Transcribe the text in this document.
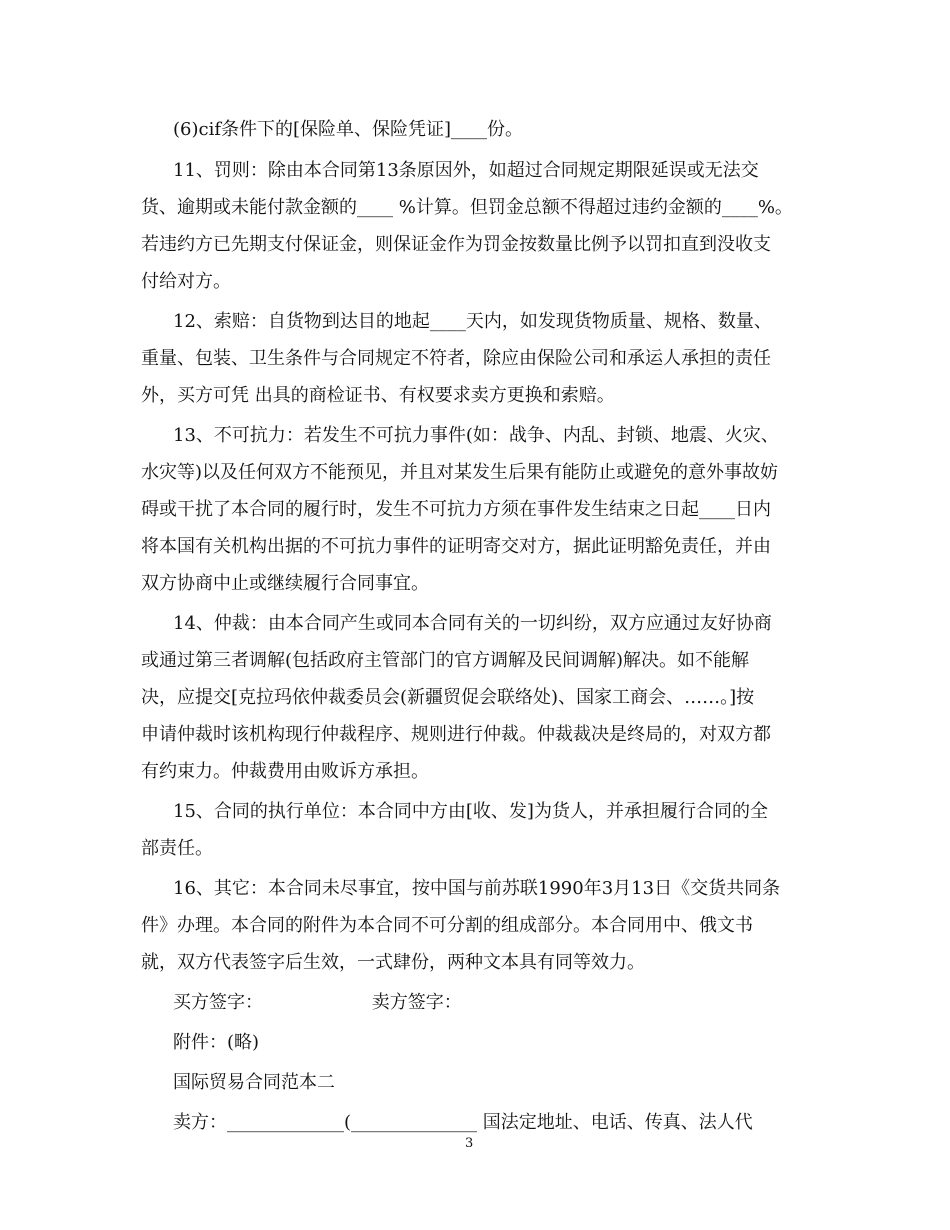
(6)cif条件下的[保险单、保险凭证]____份。
11、罚则：除由本合同第13条原因外，如超过合同规定期限延误或无法交
货、逾期或未能付款金额的____ %计算。但罚金总额不得超过违约金额的____%。
若违约方已先期支付保证金，则保证金作为罚金按数量比例予以罚扣直到没收支
付给对方。
12、索赔：自货物到达目的地起____天内，如发现货物质量、规格、数量、
重量、包装、卫生条件与合同规定不符者，除应由保险公司和承运人承担的责任
外，买方可凭 出具的商检证书、有权要求卖方更换和索赔。
13、不可抗力：若发生不可抗力事件(如：战争、内乱、封锁、地震、火灾、
水灾等)以及任何双方不能预见，并且对某发生后果有能防止或避免的意外事故妨
碍或干扰了本合同的履行时，发生不可抗力方须在事件发生结束之日起____日内
将本国有关机构出据的不可抗力事件的证明寄交对方，据此证明豁免责任，并由
双方协商中止或继续履行合同事宜。
14、仲裁：由本合同产生或同本合同有关的一切纠纷，双方应通过友好协商
或通过第三者调解(包括政府主管部门的官方调解及民间调解)解决。如不能解
决，应提交[克拉玛依仲裁委员会(新疆贸促会联络处)、国家工商会、……。]按
申请仲裁时该机构现行仲裁程序、规则进行仲裁。仲裁裁决是终局的，对双方都
有约束力。仲裁费用由败诉方承担。
15、合同的执行单位：本合同中方由[收、发]为货人，并承担履行合同的全
部责任。
16、其它：本合同未尽事宜，按中国与前苏联1990年3月13日《交货共同条
件》办理。本合同的附件为本合同不可分割的组成部分。本合同用中、俄文书
就，双方代表签字后生效，一式肆份，两种文本具有同等效力。
买方签字：                   卖方签字：
附件：(略)
国际贸易合同范本二
卖方：_____________(______________ 国法定地址、电话、传真、法人代
3
